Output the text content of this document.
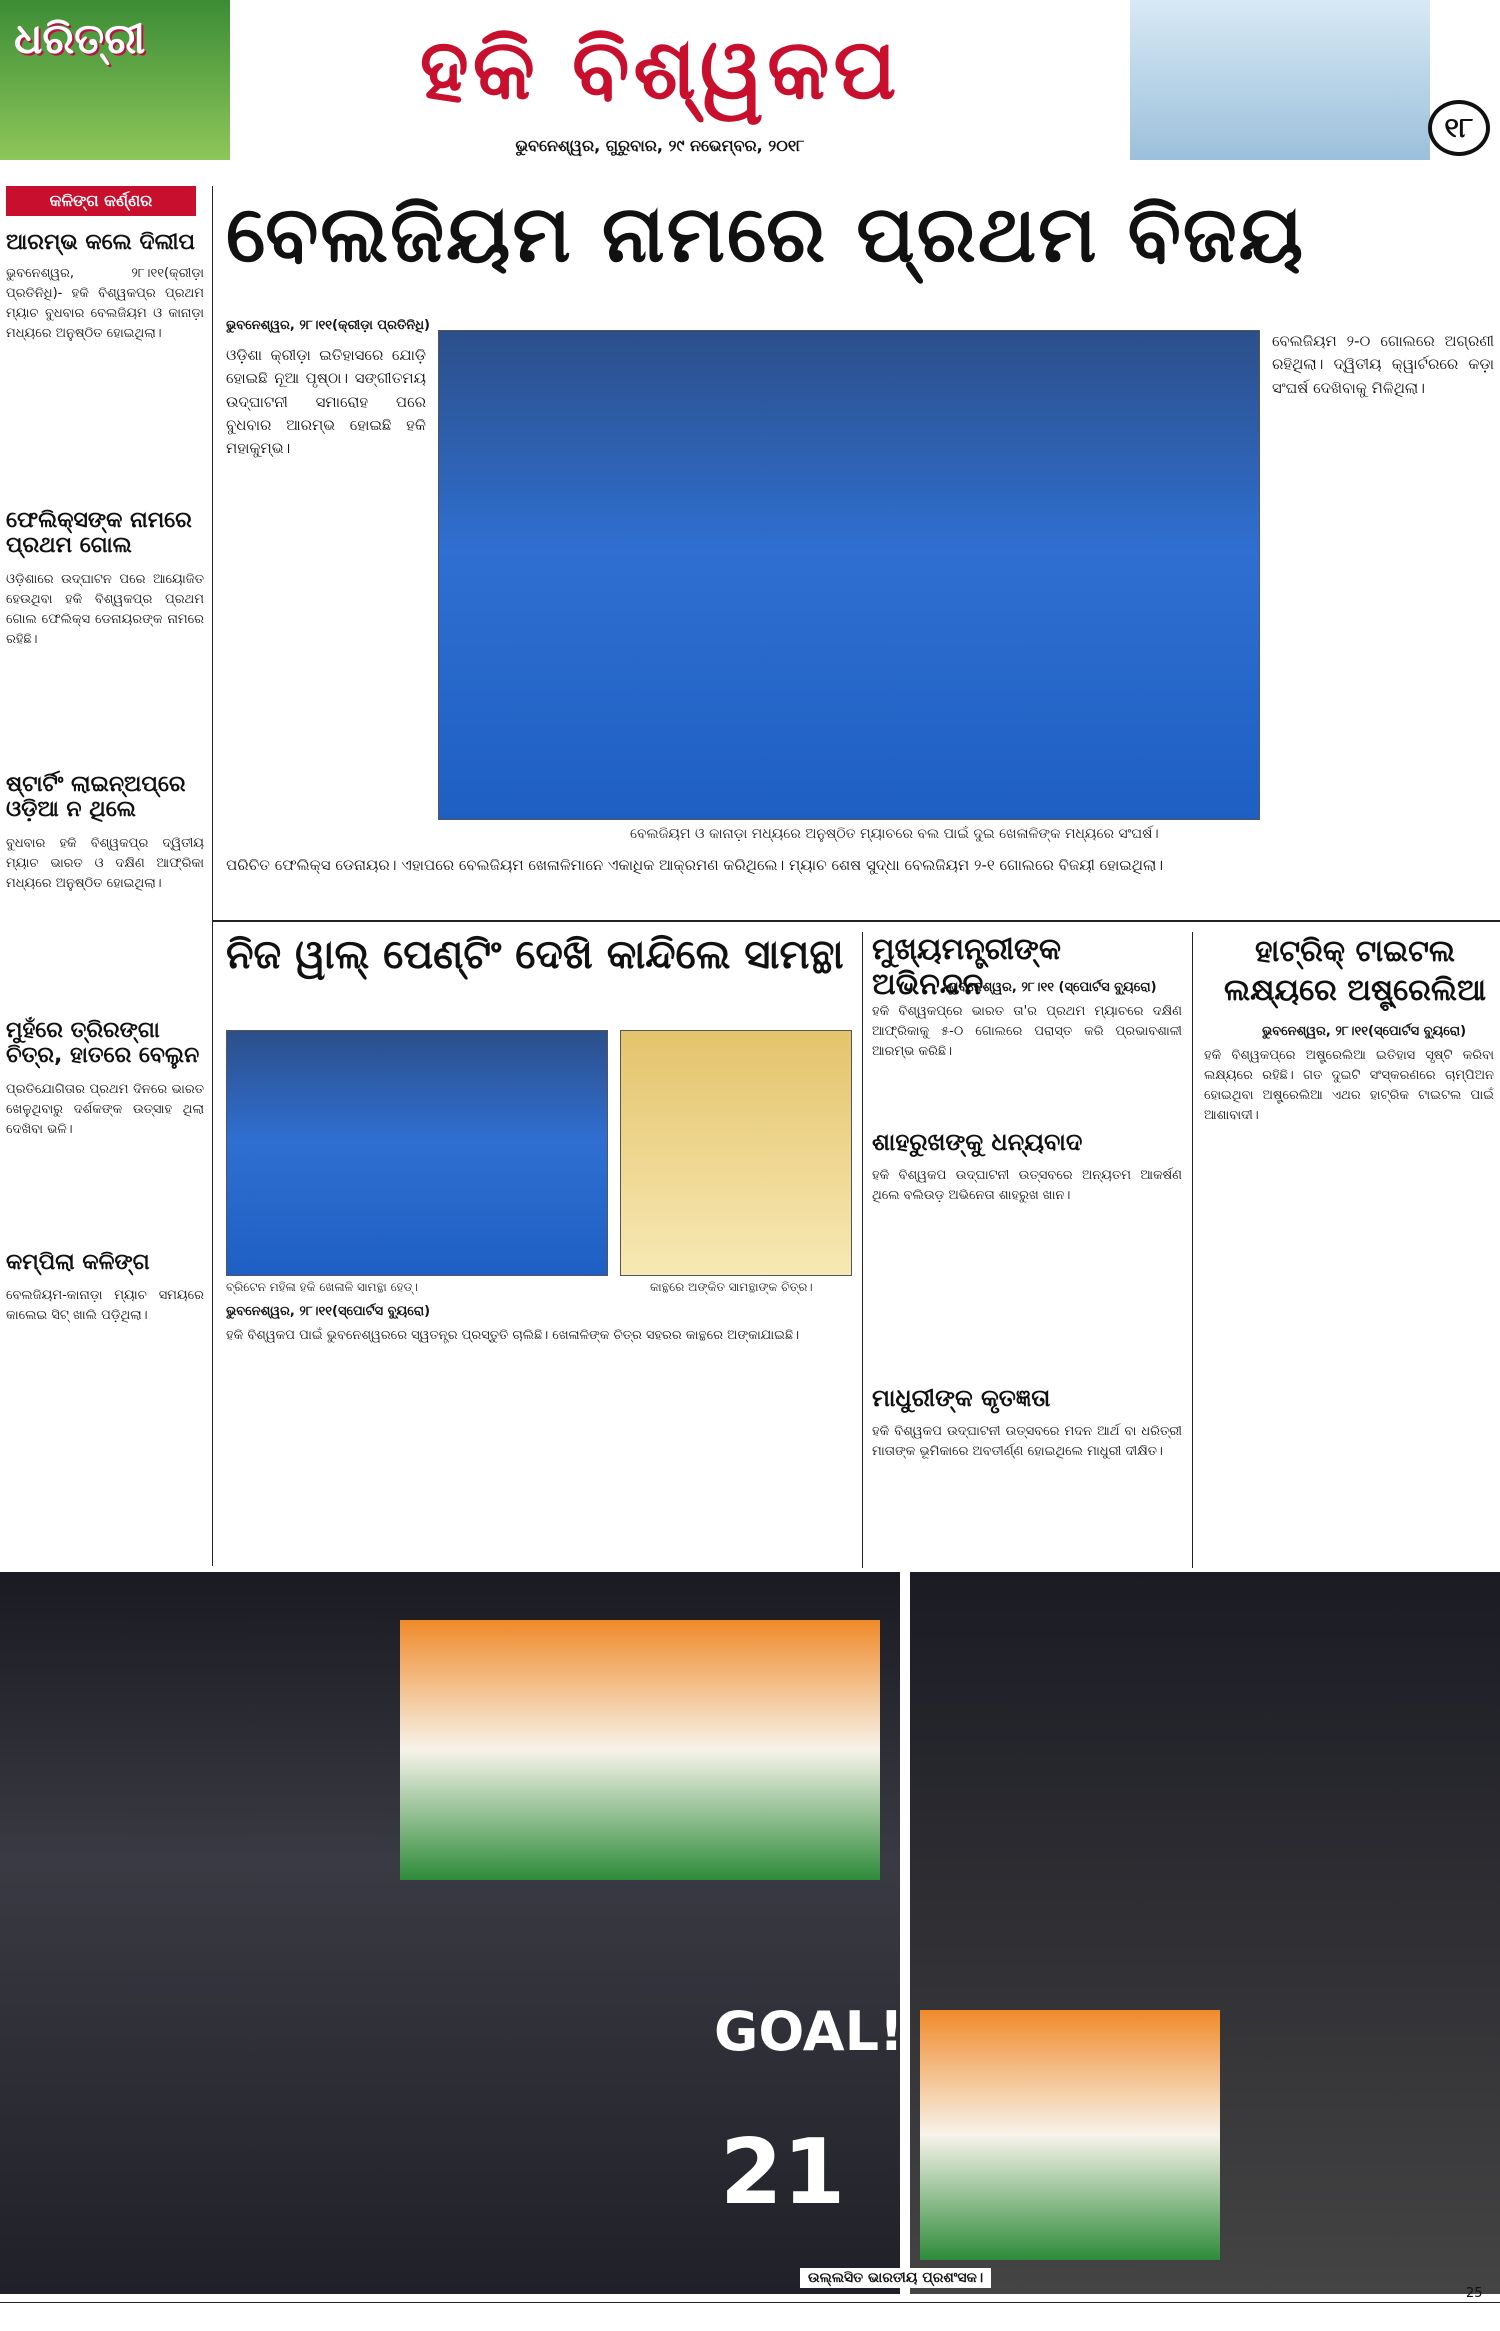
ଧରିତ୍ରୀ	ହକି ବିଶ୍ୱକପ
ଭୁବନେଶ୍ୱର, ଗୁରୁବାର, ୨୯ ନଭେମ୍ବର, ୨୦୧୮
୧୮
କଳିଙ୍ଗ କର୍ଣ୍ଣର
ଆରମ୍ଭ କଲେ ଦିଲୀପ
ଭୁବନେଶ୍ୱର, ୨୮।୧୧(କ୍ରୀଡ଼ା ପ୍ରତିନିଧି)- ହକି ବିଶ୍ୱକପ୍‌ର ପ୍ରଥମ ମ୍ୟାଚ ବୁଧବାର ବେଲଜିୟମ ଓ କାନାଡ଼ା ମଧ୍ୟରେ ଅନୁଷ୍ଠିତ ହୋଇଥିଲା।
ଫେଲିକ୍ସଙ୍କ ନାମରେ ପ୍ରଥମ ଗୋଲ
ଓଡ଼ିଶାରେ ଉଦ୍‌ଘାଟନ ପରେ ଆୟୋଜିତ ହେଉଥିବା ହକି ବିଶ୍ୱକପ୍‌ର ପ୍ରଥମ ଗୋଲ ଫେଲିକ୍ସ ଡେନାୟରଙ୍କ ନାମରେ ରହିଛି।
ଷ୍ଟାର୍ଟିଂ ଲାଇନ୍‌ଅପ୍‌ରେ ଓଡ଼ିଆ ନ ଥିଲେ
ବୁଧବାର ହକି ବିଶ୍ୱକପ୍‌ର ଦ୍ୱିତୀୟ ମ୍ୟାଚ ଭାରତ ଓ ଦକ୍ଷିଣ ଆଫ୍ରିକା ମଧ୍ୟରେ ଅନୁଷ୍ଠିତ ହୋଇଥିଲା।
ମୁହଁରେ ତ୍ରିରଙ୍ଗା ଚିତ୍ର, ହାତରେ ବେଲୁନ
ପ୍ରତିଯୋଗିତାର ପ୍ରଥମ ଦିନରେ ଭାରତ ଖେଳୁଥିବାରୁ ଦର୍ଶକଙ୍କ ଉତ୍ସାହ ଥିଲା ଦେଖିବା ଭଳି।
କମ୍ପିଲା କଳିଙ୍ଗ
ବେଲଜିୟମ-କାନାଡ଼ା ମ୍ୟାଚ ସମୟରେ କାଲେଇ ସିଟ୍ ଖାଲି ପଡ଼ିଥିଲା।
ବେଲଜିୟମ ନାମରେ ପ୍ରଥମ ବିଜୟ
ଭୁବନେଶ୍ୱର, ୨୮।୧୧(କ୍ରୀଡ଼ା ପ୍ରତିନିଧି)
ଓଡ଼ିଶା କ୍ରୀଡ଼ା ଇତିହାସରେ ଯୋଡ଼ି ହୋଇଛି ନୂଆ ପୃଷ୍ଠା। ସଙ୍ଗୀତମୟ ଉଦ୍‌ଘାଟନୀ ସମାରୋହ ପରେ ବୁଧବାର ଆରମ୍ଭ ହୋଇଛି ହକି ମହାକୁମ୍ଭ।
ବେଲଜିୟମ ଓ କାନାଡ଼ା ମଧ୍ୟରେ ଅନୁଷ୍ଠିତ ମ୍ୟାଚରେ ବଲ ପାଇଁ ଦୁଇ ଖେଳାଳିଙ୍କ ମଧ୍ୟରେ ସଂଘର୍ଷ।
ବେଲଜିୟମ ୨-୦ ଗୋଲରେ ଅଗ୍ରଣୀ ରହିଥିଲା। ଦ୍ୱିତୀୟ କ୍ୱାର୍ଟରରେ କଡ଼ା ସଂଘର୍ଷ ଦେଖିବାକୁ ମିଳିଥିଲା।
ପରିଚିତ ଫେଲିକ୍ସ ଡେନାୟର। ଏହାପରେ ବେଲଜିୟମ ଖେଳାଳିମାନେ ଏକାଧିକ ଆକ୍ରମଣ କରିଥିଲେ। ମ୍ୟାଚ ଶେଷ ସୁଦ୍ଧା ବେଲଜିୟମ ୨-୧ ଗୋଲରେ ବିଜୟୀ ହୋଇଥିଲା।
ନିଜ ୱାଲ୍ ପେଣ୍ଟିଂ ଦେଖି କାନ୍ଦିଲେ ସାମନ୍ଥା
ବ୍ରିଟେନ ମହିଳା ହକି ଖେଳାଳି ସାମନ୍ଥା ହେଡ୍।	କାନ୍ଥରେ ଅଙ୍କିତ ସାମନ୍ଥାଙ୍କ ଚିତ୍ର।
ଭୁବନେଶ୍ୱର, ୨୮।୧୧(ସ୍ପୋର୍ଟସ ବ୍ୟୁରୋ)
ହକି ବିଶ୍ୱକପ ପାଇଁ ଭୁବନେଶ୍ୱରରେ ସ୍ୱତନ୍ତ୍ର ପ୍ରସ୍ତୁତି ଚାଲିଛି। ଖେଳାଳିଙ୍କ ଚିତ୍ର ସହରର କାନ୍ଥରେ ଅଙ୍କାଯାଇଛି।
ମୁଖ୍ୟମନ୍ତ୍ରୀଙ୍କ ଅଭିନନ୍ଦନ
ଭୁବନେଶ୍ୱର, ୨୮।୧୧ (ସ୍ପୋର୍ଟସ ବ୍ୟୁରୋ)
ହକି ବିଶ୍ୱକପ୍‌ରେ ଭାରତ ତା'ର ପ୍ରଥମ ମ୍ୟାଚରେ ଦକ୍ଷିଣ ଆଫ୍ରିକାକୁ ୫-୦ ଗୋଲରେ ପରାସ୍ତ କରି ପ୍ରଭାବଶାଳୀ ଆରମ୍ଭ କରିଛି।
ଶାହରୁଖଙ୍କୁ ଧନ୍ୟବାଦ
ହକି ବିଶ୍ୱକପ ଉଦ୍‌ଘାଟନୀ ଉତ୍ସବରେ ଅନ୍ୟତମ ଆକର୍ଷଣ ଥିଲେ ବଲିଉଡ଼ ଅଭିନେତା ଶାହରୁଖ ଖାନ।
ମାଧୁରୀଙ୍କ କୃତଜ୍ଞତା
ହକି ବିଶ୍ୱକପ ଉଦ୍‌ଘାଟନୀ ଉତ୍ସବରେ ମଦନ ଆର୍ଥ ବା ଧରିତ୍ରୀ ମାତାଙ୍କ ଭୂମିକାରେ ଅବତୀର୍ଣ୍ଣ ହୋଇଥିଲେ ମାଧୁରୀ ଦୀକ୍ଷିତ।
ହାଟ୍ରିକ୍ ଟାଇଟଲ ଲକ୍ଷ୍ୟରେ ଅଷ୍ଟ୍ରେଲିଆ
ଭୁବନେଶ୍ୱର, ୨୮।୧୧(ସ୍ପୋର୍ଟସ ବ୍ୟୁରୋ)
ହକି ବିଶ୍ୱକପ୍‌ରେ ଅଷ୍ଟ୍ରେଲିଆ ଇତିହାସ ସୃଷ୍ଟି କରିବା ଲକ୍ଷ୍ୟରେ ରହିଛି। ଗତ ଦୁଇଟି ସଂସ୍କରଣରେ ଚାମ୍ପିଅନ ହୋଇଥିବା ଅଷ୍ଟ୍ରେଲିଆ ଏଥର ହାଟ୍ରିକ ଟାଇଟଲ ପାଇଁ ଆଶାବାଦୀ।
GOAL!
21
ଉଲ୍ଲସିତ ଭାରତୀୟ ପ୍ରଶଂସକ।
25
